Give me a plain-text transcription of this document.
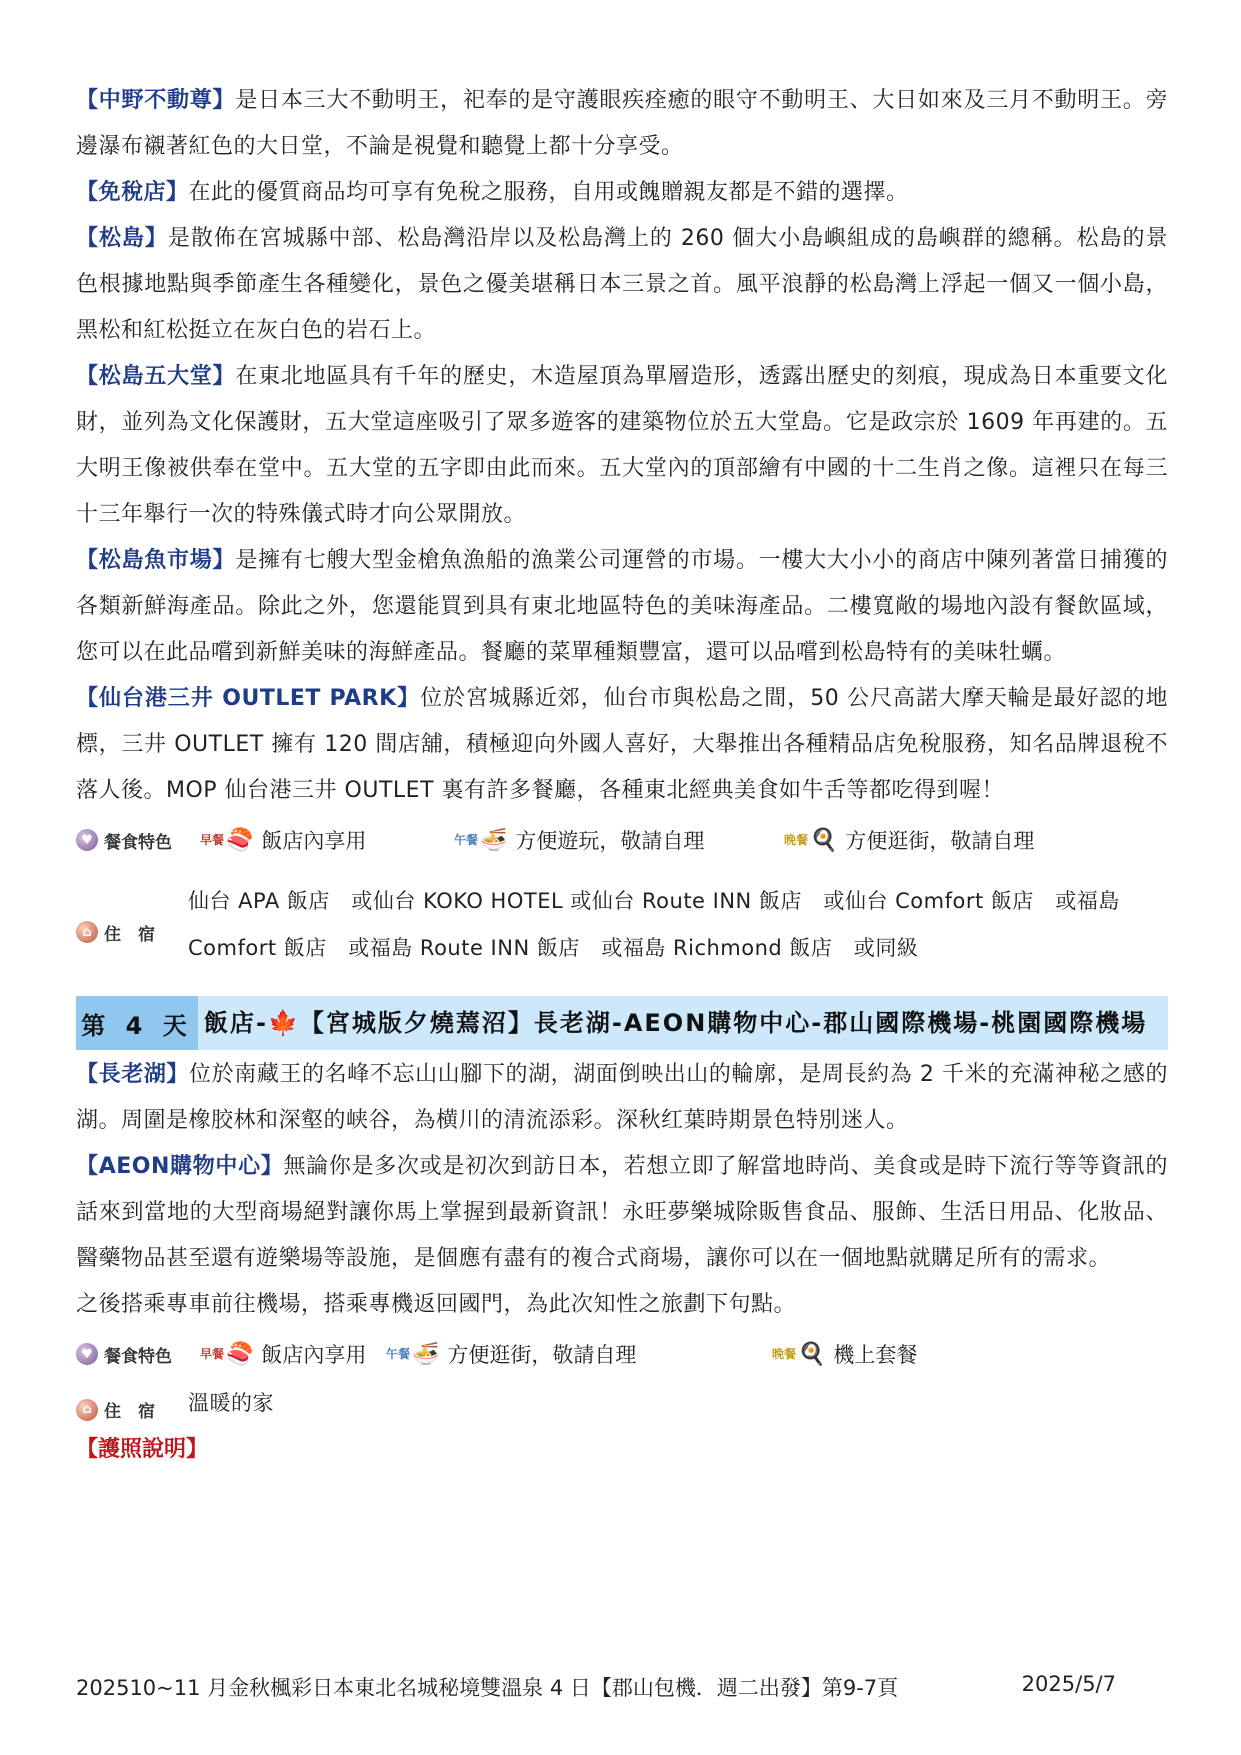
【中野不動尊】是日本三大不動明王，祀奉的是守護眼疾痊癒的眼守不動明王、大日如來及三月不動明王。旁邊瀑布襯著紅色的大日堂，不論是視覺和聽覺上都十分享受。

【免稅店】在此的優質商品均可享有免稅之服務，自用或餽贈親友都是不錯的選擇。

【松島】是散佈在宮城縣中部、松島灣沿岸以及松島灣上的 260 個大小島嶼組成的島嶼群的總稱。松島的景色根據地點與季節產生各種變化，景色之優美堪稱日本三景之首。風平浪靜的松島灣上浮起一個又一個小島，黑松和紅松挺立在灰白色的岩石上。

【松島五大堂】在東北地區具有千年的歷史，木造屋頂為單層造形，透露出歷史的刻痕，現成為日本重要文化財，並列為文化保護財，五大堂這座吸引了眾多遊客的建築物位於五大堂島。它是政宗於 1609 年再建的。五大明王像被供奉在堂中。五大堂的五字即由此而來。五大堂內的頂部繪有中國的十二生肖之像。這裡只在每三十三年舉行一次的特殊儀式時才向公眾開放。

【松島魚市場】是擁有七艘大型金槍魚漁船的漁業公司運營的市場。一樓大大小小的商店中陳列著當日捕獲的各類新鮮海產品。除此之外，您還能買到具有東北地區特色的美味海產品。二樓寬敞的場地內設有餐飲區域，您可以在此品嚐到新鮮美味的海鮮產品。餐廳的菜單種類豐富，還可以品嚐到松島特有的美味牡蠣。

【仙台港三井 OUTLET PARK】位於宮城縣近郊，仙台市與松島之間，50 公尺高諾大摩天輪是最好認的地標，三井 OUTLET 擁有 120 間店舖，積極迎向外國人喜好，大舉推出各種精品店免稅服務，知名品牌退稅不落人後。MOP 仙台港三井 OUTLET 裏有許多餐廳，各種東北經典美食如牛舌等都吃得到喔！

♥ 餐食特色 早餐 🍣 飯店內享用	午餐 🍜 方便遊玩，敬請自理	晚餐 🍳 方便逛街，敬請自理
⌂ 住　宿
仙台 APA 飯店　或仙台 KOKO HOTEL 或仙台 Route INN 飯店　或仙台 Comfort 飯店　或福島 Comfort 飯店　或福島 Route INN 飯店　或福島 Richmond 飯店　或同級
第 4 天 飯店-🍁【宮城版夕燒蔫沼】長老湖-AEON購物中心-郡山國際機場-桃園國際機場

【長老湖】位於南藏王的名峰不忘山山腳下的湖，湖面倒映出山的輪廓，是周長約為 2 千米的充滿神秘之感的湖。周圍是橡胶林和深壑的峡谷，為横川的清流添彩。深秋红葉時期景色特別迷人。

【AEON購物中心】無論你是多次或是初次到訪日本，若想立即了解當地時尚、美食或是時下流行等等資訊的話來到當地的大型商場絕對讓你馬上掌握到最新資訊！永旺夢樂城除販售食品、服飾、生活日用品、化妝品、醫藥物品甚至還有遊樂場等設施，是個應有盡有的複合式商場，讓你可以在一個地點就購足所有的需求。

之後搭乘專車前往機場，搭乘專機返回國門，為此次知性之旅劃下句點。

♥ 餐食特色 早餐 🍣 飯店內享用 午餐 🍜 方便逛街，敬請自理	晚餐 🍳 機上套餐
⌂ 住　宿 溫暖的家
【護照說明】
202510~11 月金秋楓彩日本東北名城秘境雙溫泉 4 日【郡山包機．週二出發】第9-7頁	2025/5/7
